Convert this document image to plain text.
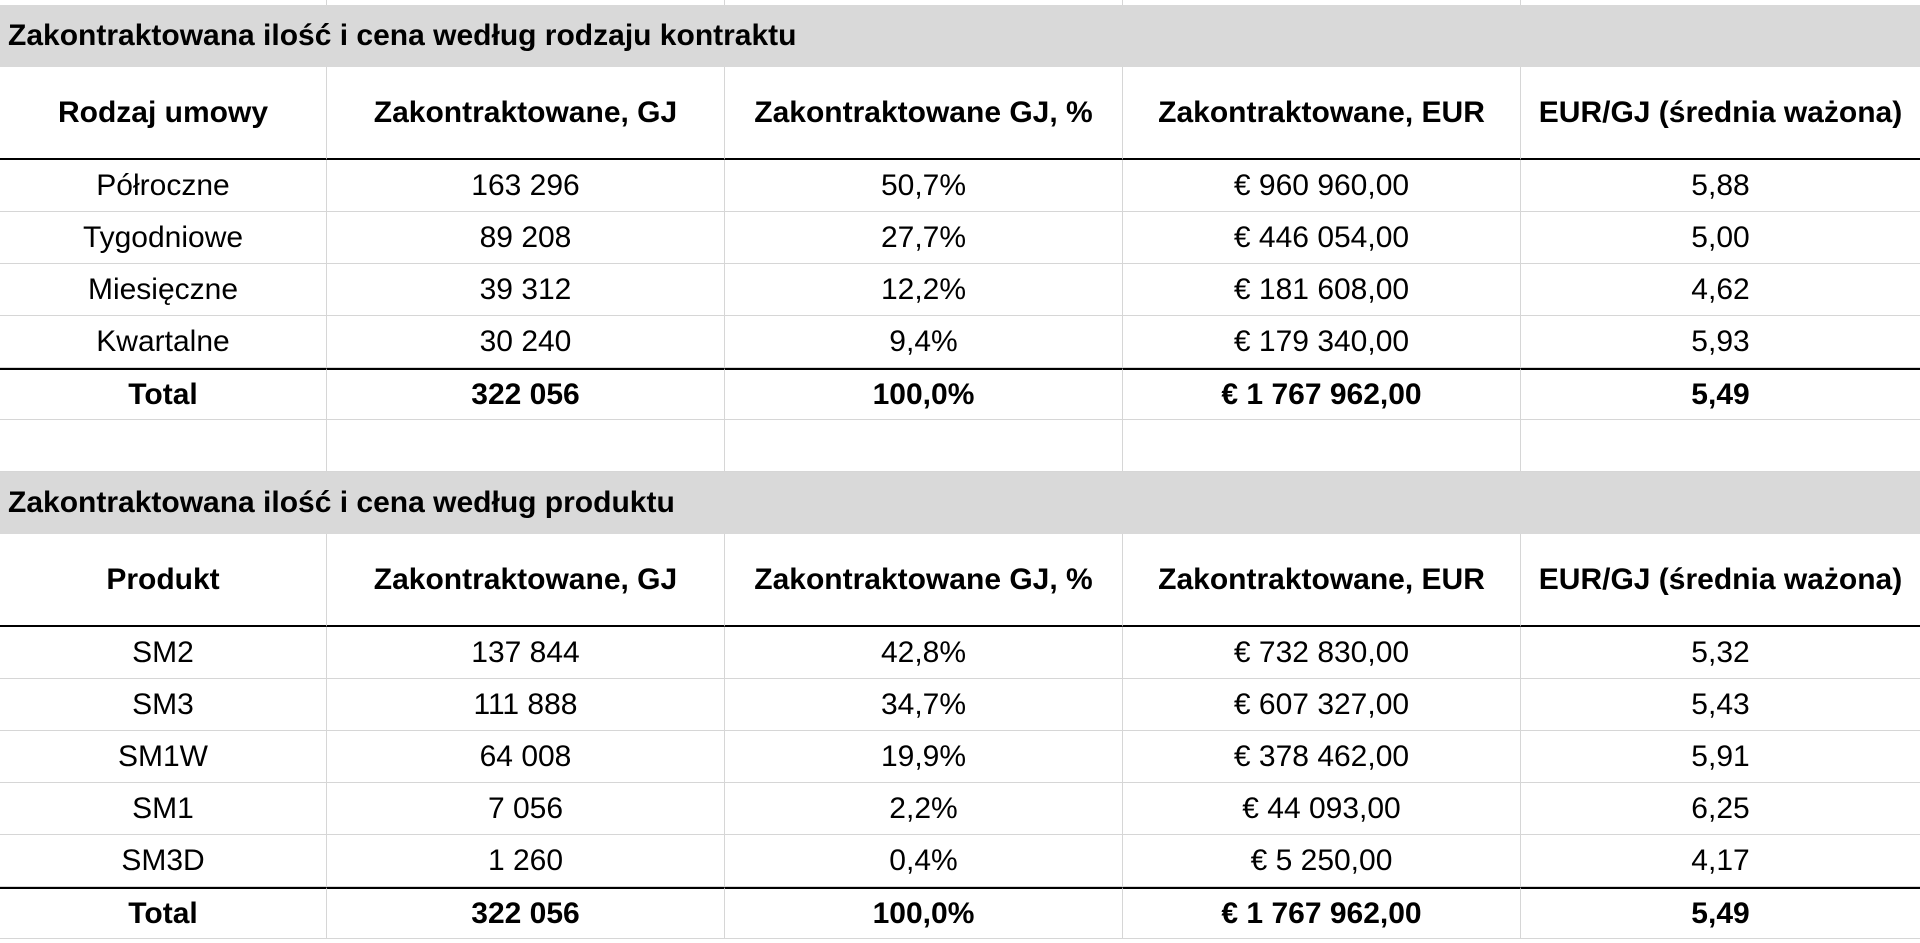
Zakontraktowana ilość i cena według rodzaju kontraktu
Rodzaj umowy	Zakontraktowane, GJ	Zakontraktowane GJ, %	Zakontraktowane, EUR	EUR/GJ (średnia ważona)
Półroczne	163 296	50,7%	€ 960 960,00	5,88
Tygodniowe	89 208	27,7%	€ 446 054,00	5,00
Miesięczne	39 312	12,2%	€ 181 608,00	4,62
Kwartalne	30 240	9,4%	€ 179 340,00	5,93
Total	322 056	100,0%	€ 1 767 962,00	5,49
Zakontraktowana ilość i cena według produktu
Produkt	Zakontraktowane, GJ	Zakontraktowane GJ, %	Zakontraktowane, EUR	EUR/GJ (średnia ważona)
SM2	137 844	42,8%	€ 732 830,00	5,32
SM3	111 888	34,7%	€ 607 327,00	5,43
SM1W	64 008	19,9%	€ 378 462,00	5,91
SM1	7 056	2,2%	€ 44 093,00	6,25
SM3D	1 260	0,4%	€ 5 250,00	4,17
Total	322 056	100,0%	€ 1 767 962,00	5,49
